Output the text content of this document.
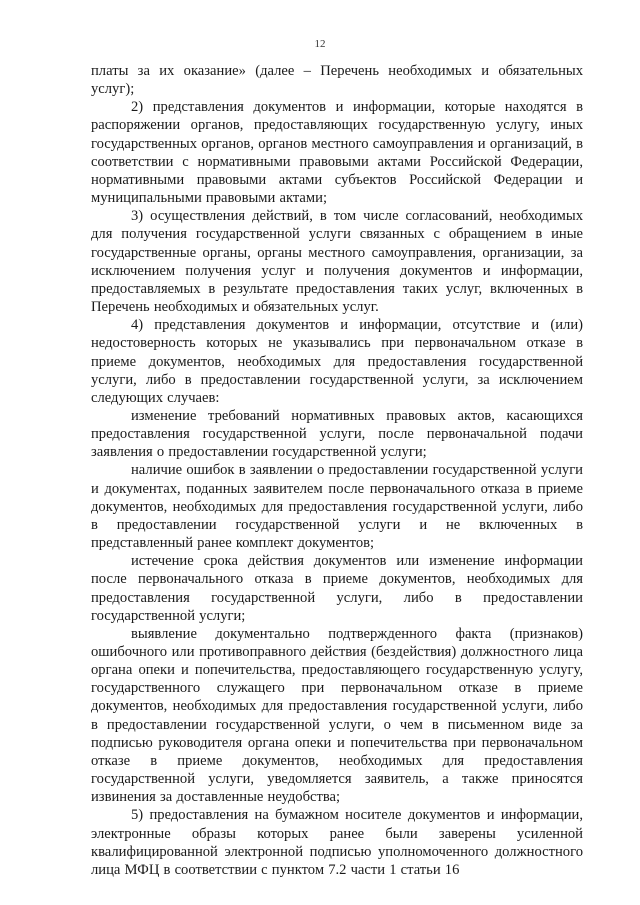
12

платы за их оказание» (далее – Перечень необходимых и обязательных услуг);

2) представления документов и информации, которые находятся в распоряжении органов, предоставляющих государственную услугу, иных государственных органов, органов местного самоуправления и организаций, в соответствии с нормативными правовыми актами Российской Федерации, нормативными правовыми актами субъектов Российской Федерации и муниципальными правовыми актами;

3) осуществления действий, в том числе согласований, необходимых для получения государственной услуги связанных с обращением в иные государственные органы, органы местного самоуправления, организации, за исключением получения услуг и получения документов и информации, предоставляемых в результате предоставления таких услуг, включенных в Перечень необходимых и обязательных услуг.

4) представления документов и информации, отсутствие и (или) недостоверность которых не указывались при первоначальном отказе в приеме документов, необходимых для предоставления государственной услуги, либо в предоставлении государственной услуги, за исключением следующих случаев:

изменение требований нормативных правовых актов, касающихся предоставления государственной услуги, после первоначальной подачи заявления о предоставлении государственной услуги;

наличие ошибок в заявлении о предоставлении государственной услуги и документах, поданных заявителем после первоначального отказа в приеме документов, необходимых для предоставления государственной услуги, либо в предоставлении государственной услуги и не включенных в представленный ранее комплект документов;

истечение срока действия документов или изменение информации после первоначального отказа в приеме документов, необходимых для предоставления государственной услуги, либо в предоставлении государственной услуги;

выявление документально подтвержденного факта (признаков) ошибочного или противоправного действия (бездействия) должностного лица органа опеки и попечительства, предоставляющего государственную услугу, государственного служащего при первоначальном отказе в приеме документов, необходимых для предоставления государственной услуги, либо в предоставлении государственной услуги, о чем в письменном виде за подписью руководителя органа опеки и попечительства при первоначальном отказе в приеме документов, необходимых для предоставления государственной услуги, уведомляется заявитель, а также приносятся извинения за доставленные неудобства;

5) предоставления на бумажном носителе документов и информации, электронные образы которых ранее были заверены усиленной квалифицированной электронной подписью уполномоченного должностного лица МФЦ в соответствии с пунктом 7.2 части 1 статьи 16
